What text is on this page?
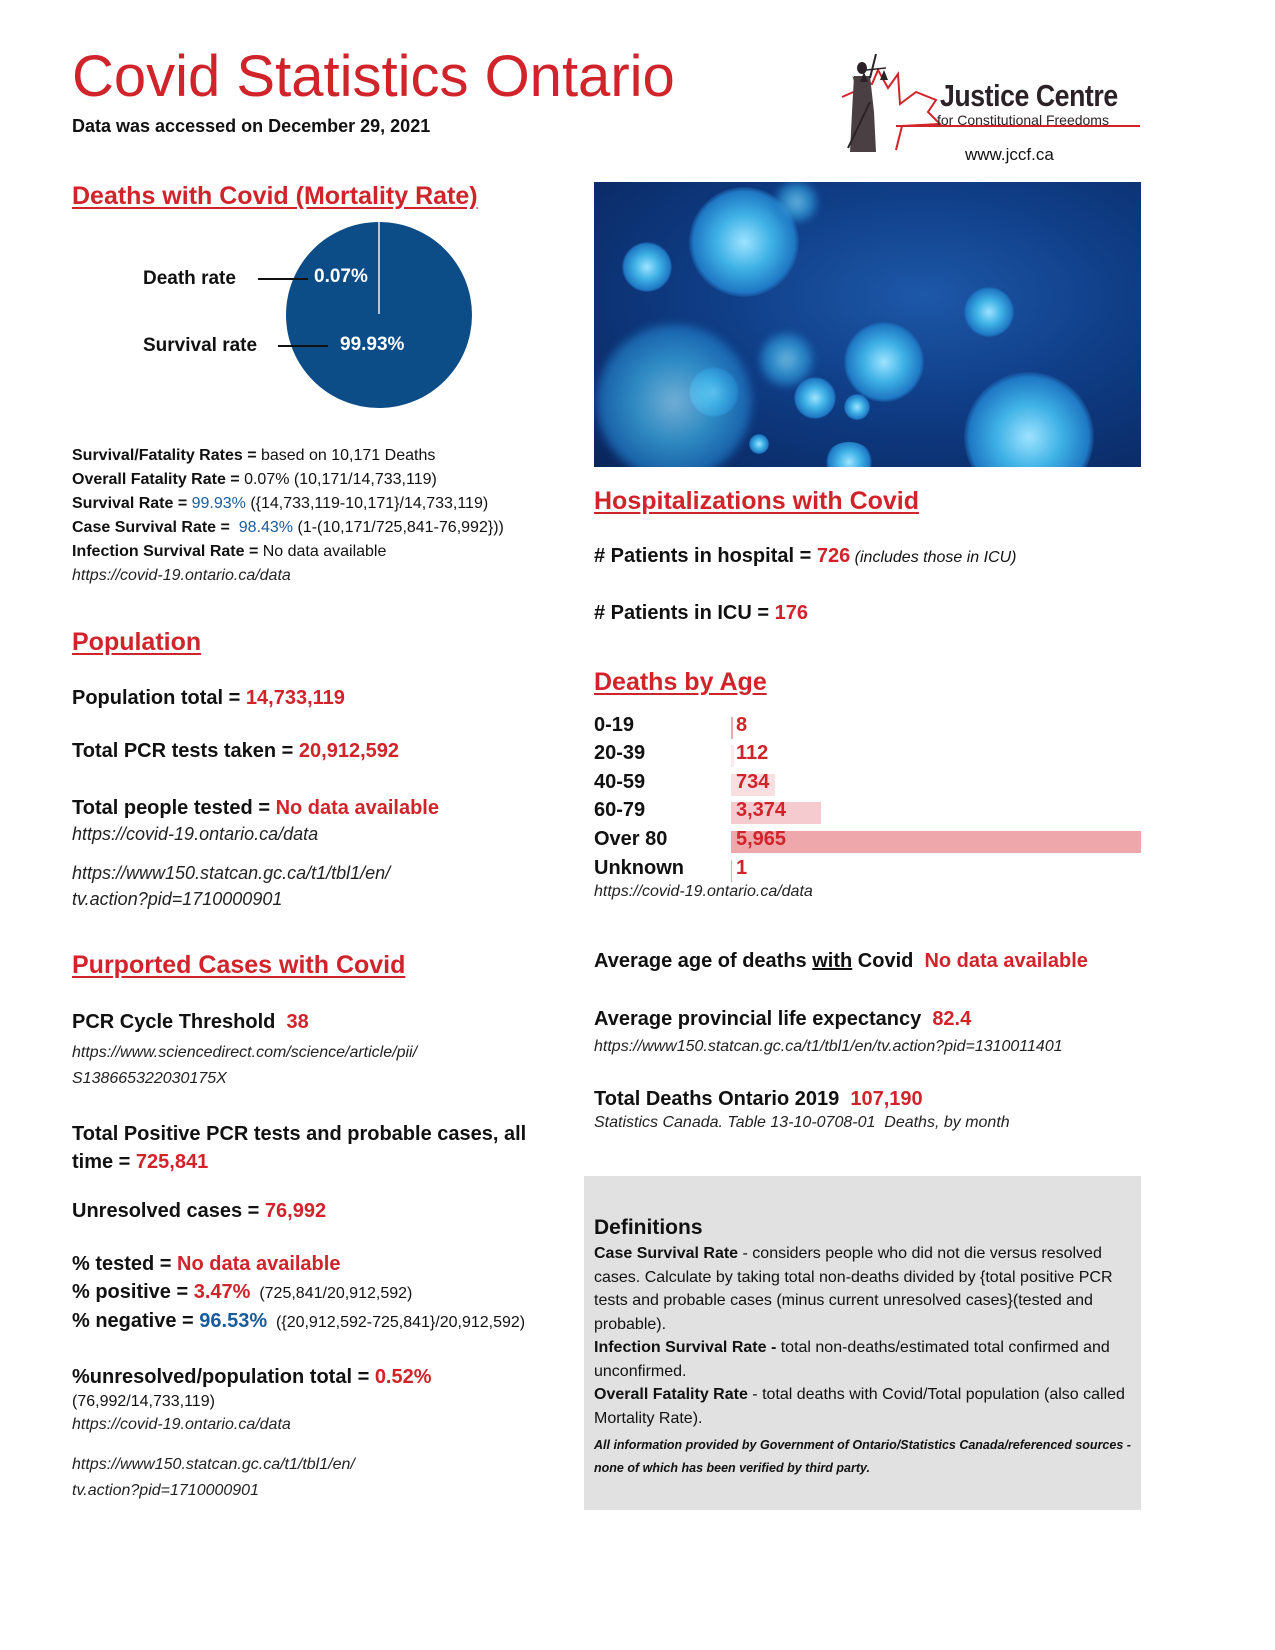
Covid Statistics Ontario
Data was accessed on December 29, 2021
Justice Centre
for Constitutional Freedoms
www.jccf.ca
Deaths with Covid (Mortality Rate)
0.07%
99.93%
Death rate
Survival rate
Survival/Fatality Rates = based on 10,171 Deaths
Overall Fatality Rate = 0.07% (10,171/14,733,119)
Survival Rate = 99.93% ({14,733,119-10,171}/14,733,119)
Case Survival Rate =  98.43% (1-(10,171/725,841-76,992}))
Infection Survival Rate = No data available
https://covid-19.ontario.ca/data
Population
Population total = 14,733,119
Total PCR tests taken = 20,912,592
Total people tested = No data available
https://covid-19.ontario.ca/data
https://www150.statcan.gc.ca/t1/tbl1/en/
tv.action?pid=1710000901
Purported Cases with Covid
PCR Cycle Threshold  38
https://www.sciencedirect.com/science/article/pii/
S138665322030175X
Total Positive PCR tests and probable cases, all
time = 725,841
Unresolved cases = 76,992
% tested = No data available
% positive = 3.47%  (725,841/20,912,592)
% negative = 96.53%  ({20,912,592-725,841}/20,912,592)
%unresolved/population total = 0.52%
(76,992/14,733,119)
https://covid-19.ontario.ca/data
https://www150.statcan.gc.ca/t1/tbl1/en/
tv.action?pid=1710000901
Hospitalizations with Covid
# Patients in hospital = 726 (includes those in ICU)
# Patients in ICU = 176
Deaths by Age
0-19	8
20-39	112
40-59	734
60-79	3,374
Over 80	5,965
Unknown	1
https://covid-19.ontario.ca/data
Average age of deaths with Covid  No data available
Average provincial life expectancy  82.4
https://www150.statcan.gc.ca/t1/tbl1/en/tv.action?pid=1310011401
Total Deaths Ontario 2019  107,190
Statistics Canada. Table 13-10-0708-01  Deaths, by month
Definitions
Case Survival Rate - considers people who did not die versus resolved cases. Calculate by taking total non-deaths divided by {total positive PCR tests and probable cases (minus current unresolved cases}(tested and probable).
Infection Survival Rate - total non-deaths/estimated total confirmed and unconfirmed.
Overall Fatality Rate - total deaths with Covid/Total population (also called Mortality Rate).
All information provided by Government of Ontario/Statistics Canada/referenced sources - none of which has been verified by third party.
